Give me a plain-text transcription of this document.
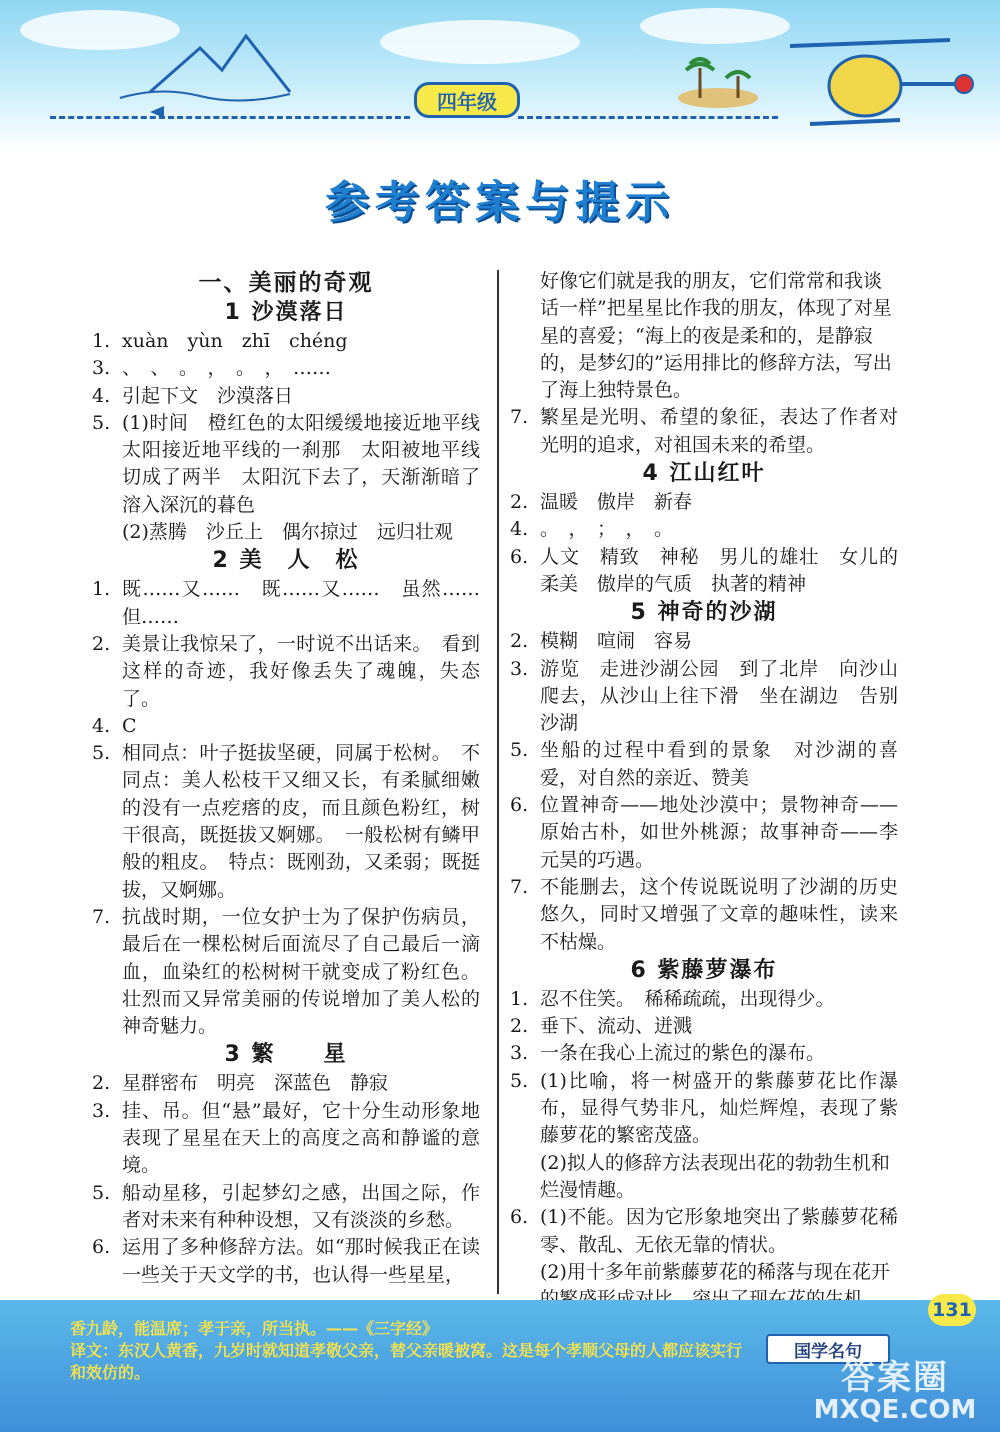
四年级
参考答案与提示
一、美丽的奇观
1 沙漠落日
1. xuàn　yùn　zhī　chéng
3. 、　、　。　，　。　，　……
4. 引起下文　沙漠落日
5. (1)时间　橙红色的太阳缓缓地接近地平线　太阳接近地平线的一刹那　太阳被地平线切成了两半　太阳沉下去了，天渐渐暗了　溶入深沉的暮色
(2)蒸腾　沙丘上　偶尔掠过　远归壮观
2 美　人　松
1. 既……又……　既……又……　虽然……但……
2. 美景让我惊呆了，一时说不出话来。　看到这样的奇迹，我好像丢失了魂魄，失态了。
4. C
5. 相同点：叶子挺拔坚硬，同属于松树。　不同点：美人松枝干又细又长，有柔腻细嫩的没有一点疙瘩的皮，而且颜色粉红，树干很高，既挺拔又婀娜。　一般松树有鳞甲般的粗皮。　特点：既刚劲，又柔弱；既挺拔，又婀娜。
7. 抗战时期，一位女护士为了保护伤病员，最后在一棵松树后面流尽了自己最后一滴血，血染红的松树树干就变成了粉红色。壮烈而又异常美丽的传说增加了美人松的神奇魅力。
3 繁　　星
2. 星群密布　明亮　深蓝色　静寂
3. 挂、吊。但“悬”最好，它十分生动形象地表现了星星在天上的高度之高和静谧的意境。
5. 船动星移，引起梦幻之感，出国之际，作者对未来有种种设想，又有淡淡的乡愁。
6. 运用了多种修辞方法。如“那时候我正在读一些关于天文学的书，也认得一些星星，
好像它们就是我的朋友，它们常常和我谈话一样”把星星比作我的朋友，体现了对星星的喜爱；“海上的夜是柔和的，是静寂的，是梦幻的”运用排比的修辞方法，写出了海上独特景色。
7. 繁星是光明、希望的象征，表达了作者对光明的追求，对祖国未来的希望。
4 江山红叶
2. 温暖　傲岸　新春
4. 。　，　；　，　。
6. 人文　精致　神秘　男儿的雄壮　女儿的柔美　傲岸的气质　执著的精神
5 神奇的沙湖
2. 模糊　喧闹　容易
3. 游览　走进沙湖公园　到了北岸　向沙山爬去，从沙山上往下滑　坐在湖边　告别沙湖
5. 坐船的过程中看到的景象　对沙湖的喜爱，对自然的亲近、赞美
6. 位置神奇——地处沙漠中；景物神奇——原始古朴，如世外桃源；故事神奇——李元昊的巧遇。
7. 不能删去，这个传说既说明了沙湖的历史悠久，同时又增强了文章的趣味性，读来不枯燥。
6 紫藤萝瀑布
1. 忍不住笑。　稀稀疏疏，出现得少。
2. 垂下、流动、迸溅
3. 一条在我心上流过的紫色的瀑布。
5. (1)比喻，将一树盛开的紫藤萝花比作瀑布，显得气势非凡，灿烂辉煌，表现了紫藤萝花的繁密茂盛。
(2)拟人的修辞方法表现出花的勃勃生机和烂漫情趣。
6. (1)不能。因为它形象地突出了紫藤萝花稀零、散乱、无依无靠的情状。
(2)用十多年前紫藤萝花的稀落与现在花开
131
香九龄，能温席；孝于亲，所当执。——《三字经》
译文：东汉人黄香，九岁时就知道孝敬父亲，替父亲暖被窝。这是每个孝顺父母的人都应该实行和效仿的。
国学名句
答案圈
MXQE.COM
